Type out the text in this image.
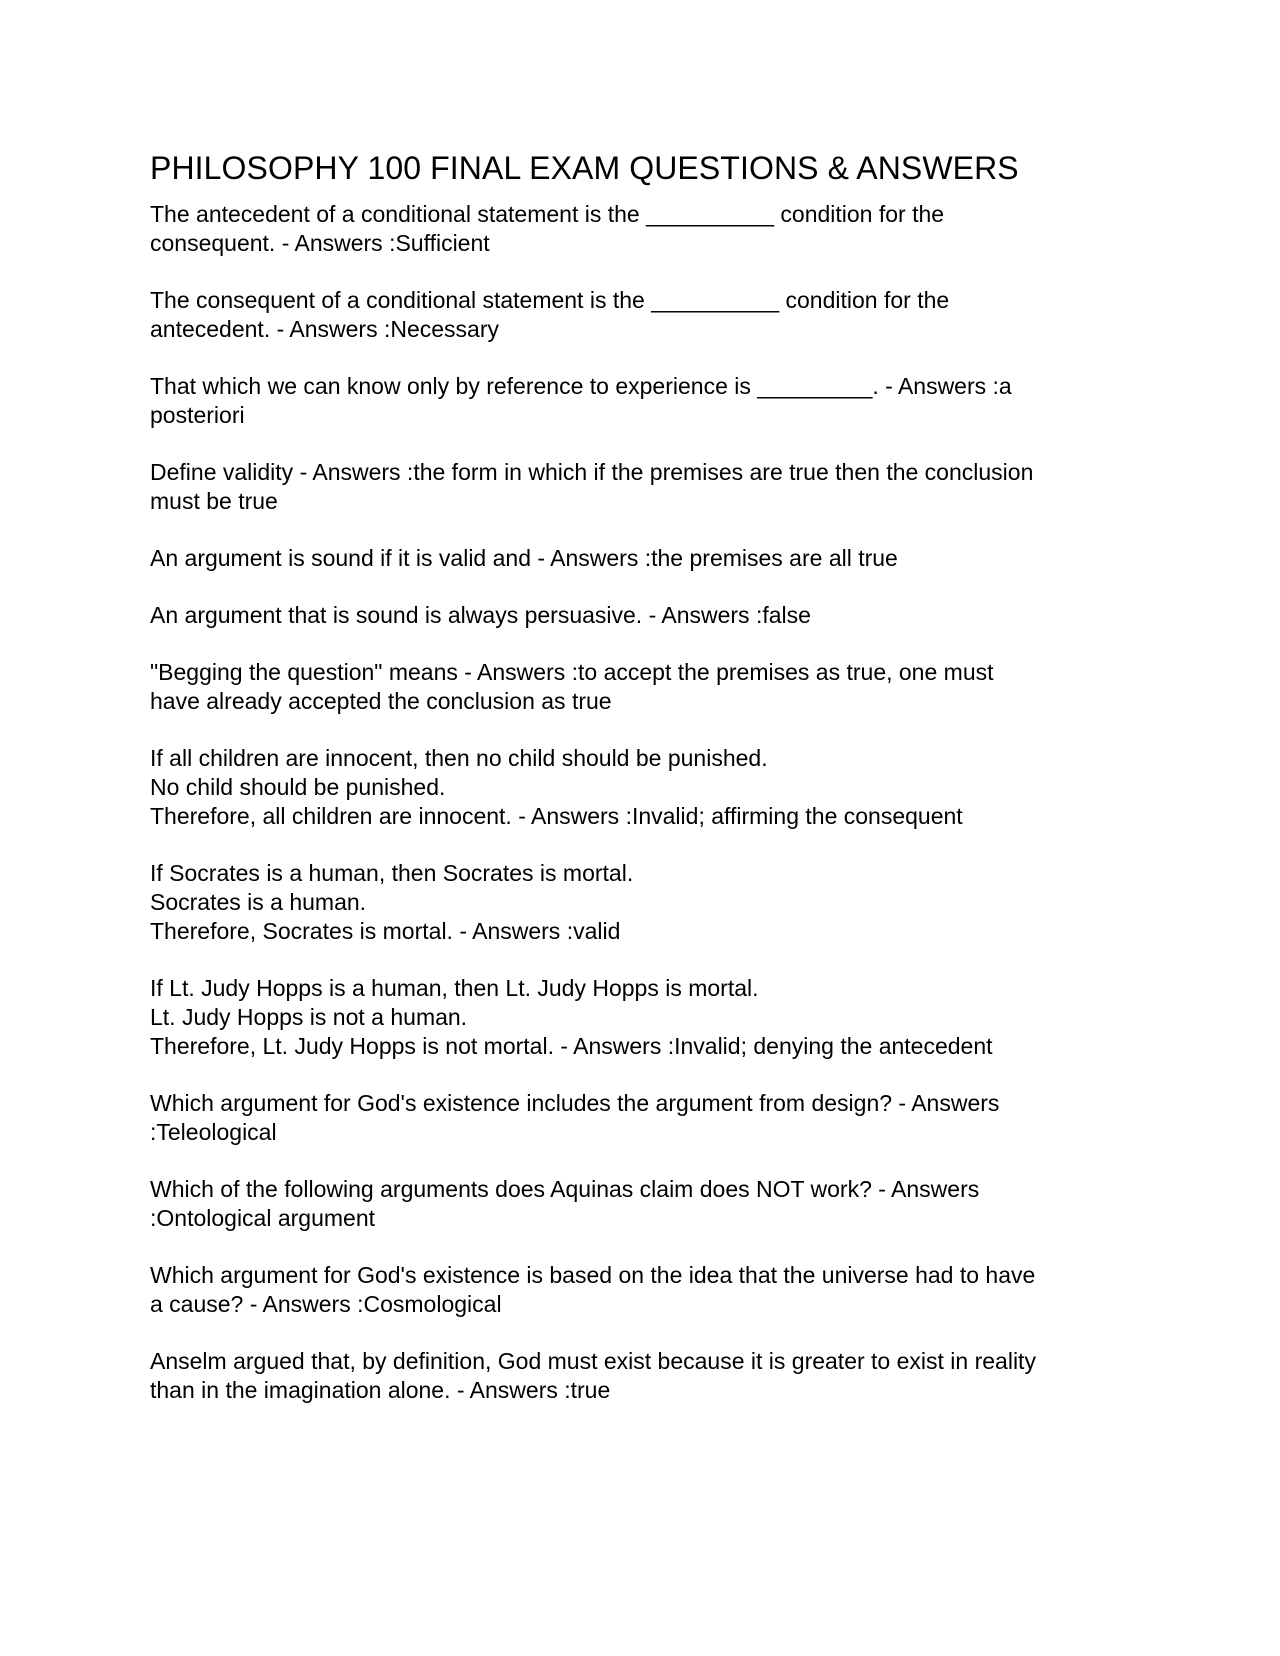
PHILOSOPHY 100 FINAL EXAM QUESTIONS & ANSWERS
The antecedent of a conditional statement is the __________ condition for the
consequent. - Answers :Sufficient
The consequent of a conditional statement is the __________ condition for the
antecedent. - Answers :Necessary
That which we can know only by reference to experience is _________. - Answers :a
posteriori
Define validity - Answers :the form in which if the premises are true then the conclusion
must be true
An argument is sound if it is valid and - Answers :the premises are all true
An argument that is sound is always persuasive. - Answers :false
"Begging the question" means - Answers :to accept the premises as true, one must
have already accepted the conclusion as true
If all children are innocent, then no child should be punished.
No child should be punished.
Therefore, all children are innocent. - Answers :Invalid; affirming the consequent
If Socrates is a human, then Socrates is mortal.
Socrates is a human.
Therefore, Socrates is mortal. - Answers :valid
If Lt. Judy Hopps is a human, then Lt. Judy Hopps is mortal.
Lt. Judy Hopps is not a human.
Therefore, Lt. Judy Hopps is not mortal. - Answers :Invalid; denying the antecedent
Which argument for God's existence includes the argument from design? - Answers
:Teleological
Which of the following arguments does Aquinas claim does NOT work? - Answers
:Ontological argument
Which argument for God's existence is based on the idea that the universe had to have
a cause? - Answers :Cosmological
Anselm argued that, by definition, God must exist because it is greater to exist in reality
than in the imagination alone. - Answers :true
